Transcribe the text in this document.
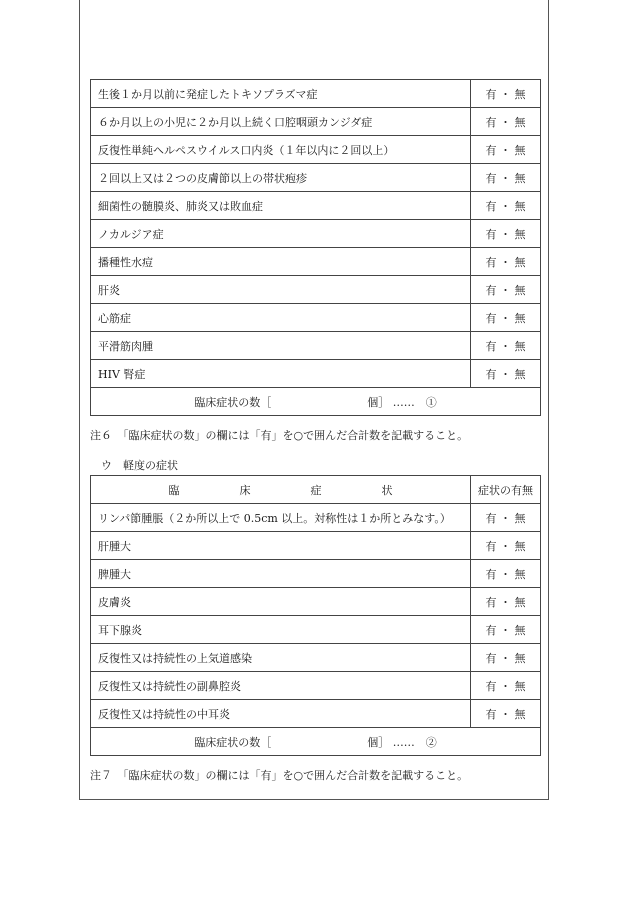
生後１か月以前に発症したトキソプラズマ症	有 ・ 無
６か月以上の小児に２か月以上続く口腔咽頭カンジダ症	有 ・ 無
反復性単純ヘルペスウイルス口内炎（１年以内に２回以上）	有 ・ 無
２回以上又は２つの皮膚節以上の帯状疱疹	有 ・ 無
細菌性の髄膜炎、肺炎又は敗血症	有 ・ 無
ノカルジア症	有 ・ 無
播種性水痘	有 ・ 無
肝炎	有 ・ 無
心筋症	有 ・ 無
平滑筋肉腫	有 ・ 無
HIV 腎症	有 ・ 無
臨床症状の数［ 個］ ……　①	
注６　「臨床症状の数」の欄には「有」を○で囲んだ合計数を記載すること。
ウ　軽度の症状
臨 床 症 状	症状の有無
リンパ節腫脹（２か所以上で 0.5cm 以上。対称性は１か所とみなす。）	有 ・ 無
肝腫大	有 ・ 無
脾腫大	有 ・ 無
皮膚炎	有 ・ 無
耳下腺炎	有 ・ 無
反復性又は持続性の上気道感染	有 ・ 無
反復性又は持続性の副鼻腔炎	有 ・ 無
反復性又は持続性の中耳炎	有 ・ 無
臨床症状の数［ 個］ ……　②	
注７　「臨床症状の数」の欄には「有」を○で囲んだ合計数を記載すること。
